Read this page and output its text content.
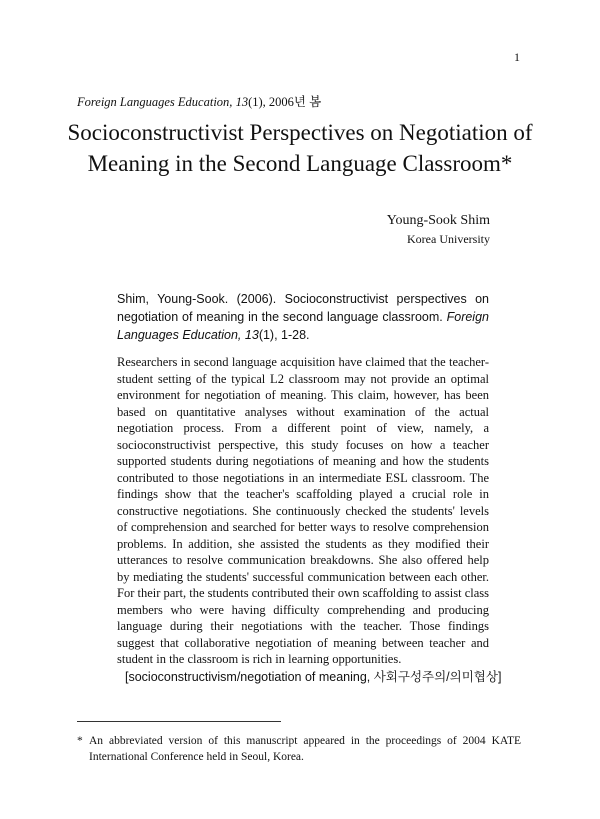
1
Foreign Languages Education, 13(1), 2006년 봄
Socioconstructivist Perspectives on Negotiation of
Meaning in the Second Language Classroom*
Young-Sook Shim
Korea University
Shim, Young-Sook. (2006). Socioconstructivist perspectives on negotiation of meaning in the second language classroom. Foreign Languages Education, 13(1), 1-28.
Researchers in second language acquisition have claimed that the teacher-student setting of the typical L2 classroom may not provide an optimal environment for negotiation of meaning. This claim, however, has been based on quantitative analyses without examination of the actual negotiation process. From a different point of view, namely, a socioconstructivist perspective, this study focuses on how a teacher supported students during negotiations of meaning and how the students contributed to those negotiations in an intermediate ESL classroom. The findings show that the teacher's scaffolding played a crucial role in constructive negotiations. She continuously checked the students' levels of comprehension and searched for better ways to resolve comprehension problems. In addition, she assisted the students as they modified their utterances to resolve communication breakdowns. She also offered help by mediating the students' successful communication between each other. For their part, the students contributed their own scaffolding to assist class members who were having difficulty comprehending and producing language during their negotiations with the teacher. Those findings suggest that collaborative negotiation of meaning between teacher and student in the classroom is rich in learning opportunities.
[socioconstructivism/negotiation of meaning, 사회구성주의/의미협상]
* An abbreviated version of this manuscript appeared in the proceedings of 2004 KATE International Conference held in Seoul, Korea.
